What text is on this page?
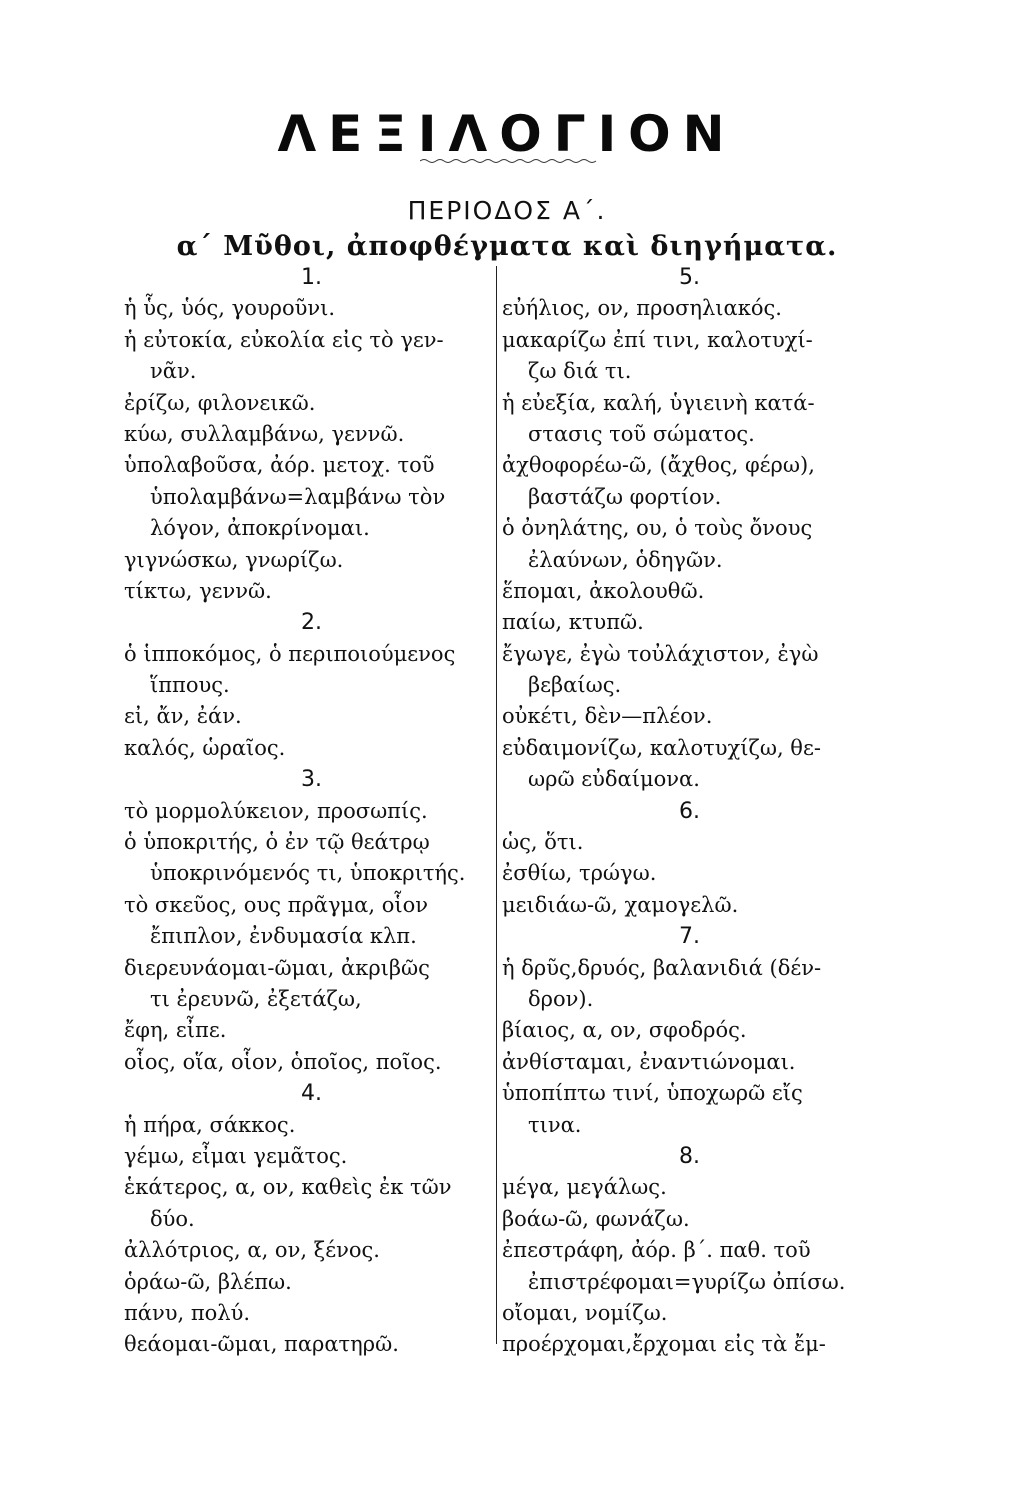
ΛΕΞΙΛΟΓΙΟΝ
ΠΕΡΙΟΔΟΣ Α΄.
α΄ Μῦθοι, ἀποφθέγματα καὶ διηγήματα.
1.
ἡ ὗς, ὑός, γουροῦνι.
ἡ εὐτοκία, εὐκολία εἰς τὸ γεν-
νᾶν.
ἐρίζω, φιλονεικῶ.
κύω, συλλαμβάνω, γεννῶ.
ὑπολαβοῦσα, ἀόρ. μετοχ. τοῦ
ὑπολαμβάνω=λαμβάνω τὸν
λόγον, ἀποκρίνομαι.
γιγνώσκω, γνωρίζω.
τίκτω, γεννῶ.
2.
ὁ ἱπποκόμος, ὁ περιποιούμενος
ἵππους.
εἰ, ἄν, ἐάν.
καλός, ὡραῖος.
3.
τὸ μορμολύκειον, προσωπίς.
ὁ ὑποκριτής, ὁ ἐν τῷ θεάτρῳ
ὑποκρινόμενός τι, ὑποκριτής.
τὸ σκεῦος, ους πρᾶγμα, οἷον
ἔπιπλον, ἐνδυμασία κλπ.
διερευνάομαι-ῶμαι, ἀκριβῶς
τι ἐρευνῶ, ἐξετάζω,
ἔφη, εἶπε.
οἷος, οἵα, οἷον, ὁποῖος, ποῖος.
4.
ἡ πήρα, σάκκος.
γέμω, εἶμαι γεμᾶτος.
ἑκάτερος, α, ον, καθεὶς ἐκ τῶν
δύο.
ἀλλότριος, α, ον, ξένος.
ὁράω-ῶ, βλέπω.
πάνυ, πολύ.
θεάομαι-ῶμαι, παρατηρῶ.
5.
εὐήλιος, ον, προσηλιακός.
μακαρίζω ἐπί τινι, καλοτυχί-
ζω διά τι.
ἡ εὐεξία, καλή, ὑγιεινὴ κατά-
στασις τοῦ σώματος.
ἀχθοφορέω-ῶ, (ἄχθος, φέρω),
βαστάζω φορτίον.
ὁ ὀνηλάτης, ου, ὁ τοὺς ὄνους
ἐλαύνων, ὁδηγῶν.
ἕπομαι, ἀκολουθῶ.
παίω, κτυπῶ.
ἔγωγε, ἐγὼ τοὐλάχιστον, ἐγὼ
βεβαίως.
οὐκέτι, δὲν—πλέον.
εὐδαιμονίζω, καλοτυχίζω, θε-
ωρῶ εὐδαίμονα.
6.
ὡς, ὅτι.
ἐσθίω, τρώγω.
μειδιάω-ῶ, χαμογελῶ.
7.
ἡ δρῦς,δρυός, βαλανιδιά (δέν-
δρον).
βίαιος, α, ον, σφοδρός.
ἀνθίσταμαι, ἐναντιώνομαι.
ὑποπίπτω τινί, ὑποχωρῶ εἴς
τινα.
8.
μέγα, μεγάλως.
βοάω-ῶ, φωνάζω.
ἐπεστράφη, ἀόρ. β΄. παθ. τοῦ
ἐπιστρέφομαι=γυρίζω ὀπίσω.
οἴομαι, νομίζω.
προέρχομαι,ἔρχομαι εἰς τὰ ἔμ-
